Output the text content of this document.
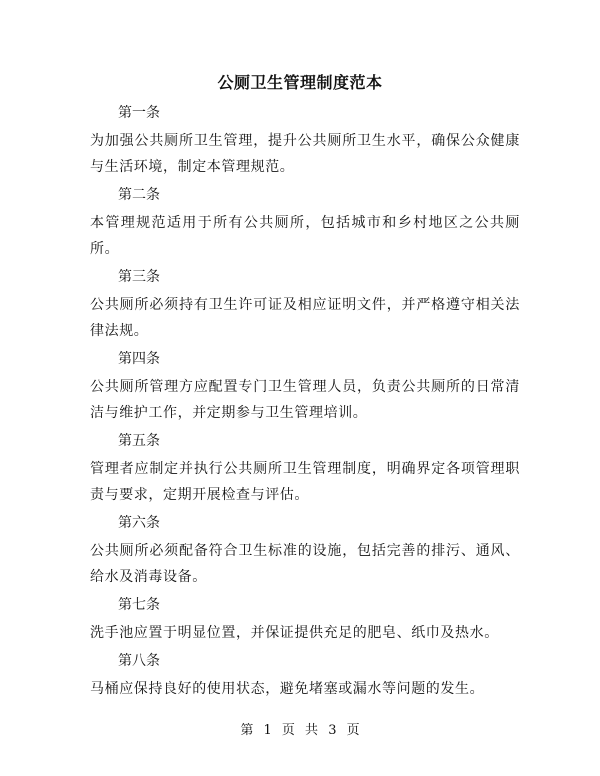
公厕卫生管理制度范本
第一条
为加强公共厕所卫生管理，提升公共厕所卫生水平，确保公众健康与生活环境，制定本管理规范。
第二条
本管理规范适用于所有公共厕所，包括城市和乡村地区之公共厕所。
第三条
公共厕所必须持有卫生许可证及相应证明文件，并严格遵守相关法律法规。
第四条
公共厕所管理方应配置专门卫生管理人员，负责公共厕所的日常清洁与维护工作，并定期参与卫生管理培训。
第五条
管理者应制定并执行公共厕所卫生管理制度，明确界定各项管理职责与要求，定期开展检查与评估。
第六条
公共厕所必须配备符合卫生标准的设施，包括完善的排污、通风、给水及消毒设备。
第七条
洗手池应置于明显位置，并保证提供充足的肥皂、纸巾及热水。
第八条
马桶应保持良好的使用状态，避免堵塞或漏水等问题的发生。
第 1 页 共 3 页
